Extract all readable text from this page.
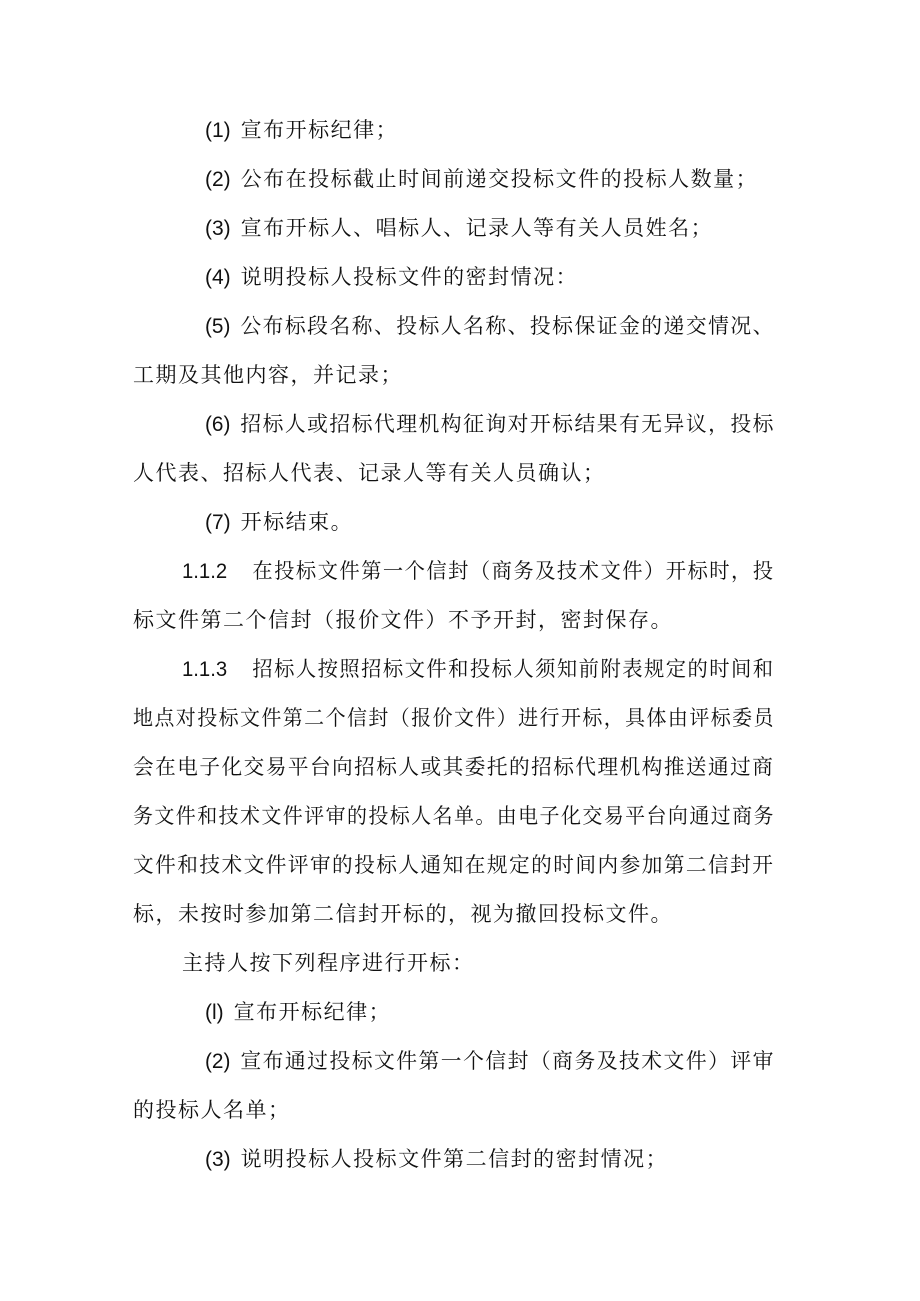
(1) 宣布开标纪律；
(2) 公布在投标截止时间前递交投标文件的投标人数量；
(3) 宣布开标人、唱标人、记录人等有关人员姓名；
(4) 说明投标人投标文件的密封情况：
(5) 公布标段名称、投标人名称、投标保证金的递交情况、
工期及其他内容，并记录；
(6) 招标人或招标代理机构征询对开标结果有无异议，投标
人代表、招标人代表、记录人等有关人员确认；
(7) 开标结束。
1.1.2 在投标文件第一个信封（商务及技术文件）开标时，投
标文件第二个信封（报价文件）不予开封，密封保存。
1.1.3 招标人按照招标文件和投标人须知前附表规定的时间和
地点对投标文件第二个信封（报价文件）进行开标，具体由评标委员
会在电子化交易平台向招标人或其委托的招标代理机构推送通过商
务文件和技术文件评审的投标人名单。由电子化交易平台向通过商务
文件和技术文件评审的投标人通知在规定的时间内参加第二信封开
标，未按时参加第二信封开标的，视为撤回投标文件。
主持人按下列程序进行开标：
(l) 宣布开标纪律；
(2) 宣布通过投标文件第一个信封（商务及技术文件）评审
的投标人名单；
(3) 说明投标人投标文件第二信封的密封情况；
